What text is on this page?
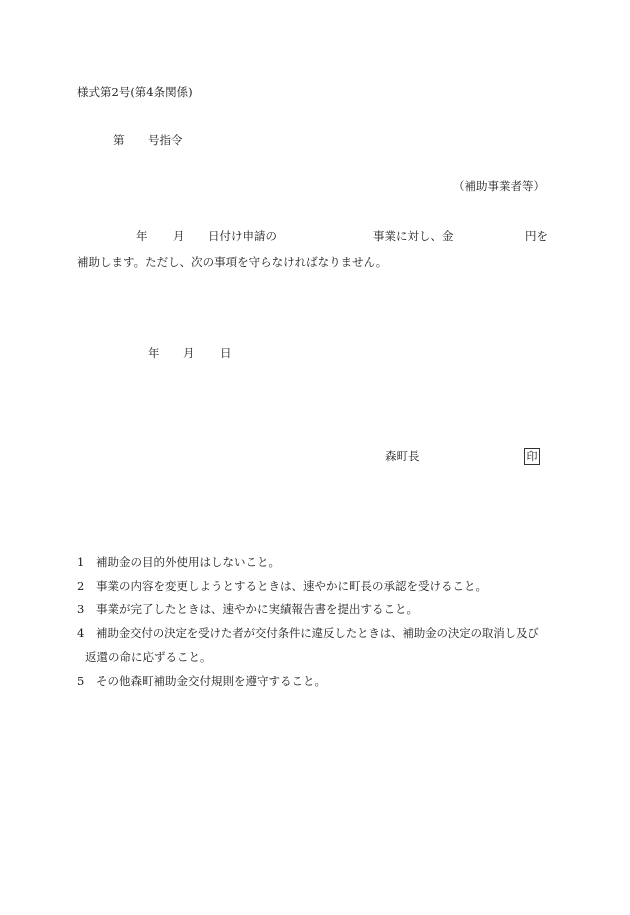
様式第2号(第4条関係)
第 号指令
（補助事業者等）
年 月 日付け申請の	事業に対し、金	円を
補助します。ただし、次の事項を守らなければなりません。
年 月 日
森町長	印
1 補助金の目的外使用はしないこと。
2 事業の内容を変更しようとするときは、速やかに町長の承認を受けること。
3 事業が完了したときは、速やかに実績報告書を提出すること。
4 補助金交付の決定を受けた者が交付条件に違反したときは、補助金の決定の取消し及び
返還の命に応ずること。
5 その他森町補助金交付規則を遵守すること。
